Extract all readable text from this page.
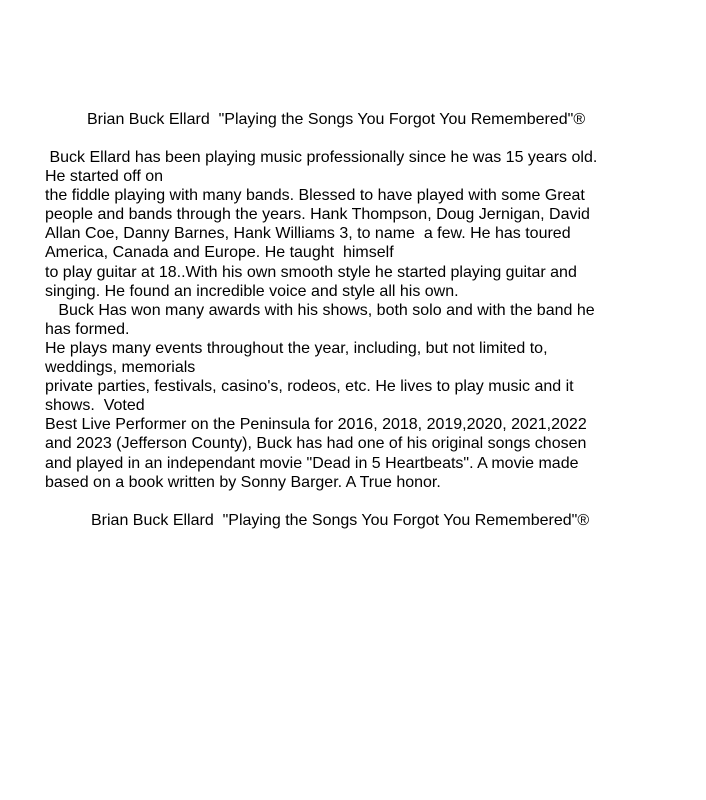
Brian Buck Ellard  "Playing the Songs You Forgot You Remembered"®
Buck Ellard has been playing music professionally since he was 15 years old.
He started off on
the fiddle playing with many bands. Blessed to have played with some Great
people and bands through the years. Hank Thompson, Doug Jernigan, David
Allan Coe, Danny Barnes, Hank Williams 3, to name  a few. He has toured
America, Canada and Europe. He taught  himself
to play guitar at 18..With his own smooth style he started playing guitar and
singing. He found an incredible voice and style all his own.
Buck Has won many awards with his shows, both solo and with the band he
has formed.
He plays many events throughout the year, including, but not limited to,
weddings, memorials
private parties, festivals, casino's, rodeos, etc. He lives to play music and it
shows.  Voted
Best Live Performer on the Peninsula for 2016, 2018, 2019,2020, 2021,2022
and 2023 (Jefferson County), Buck has had one of his original songs chosen
and played in an independant movie "Dead in 5 Heartbeats". A movie made
based on a book written by Sonny Barger. A True honor.
Brian Buck Ellard  "Playing the Songs You Forgot You Remembered"®
